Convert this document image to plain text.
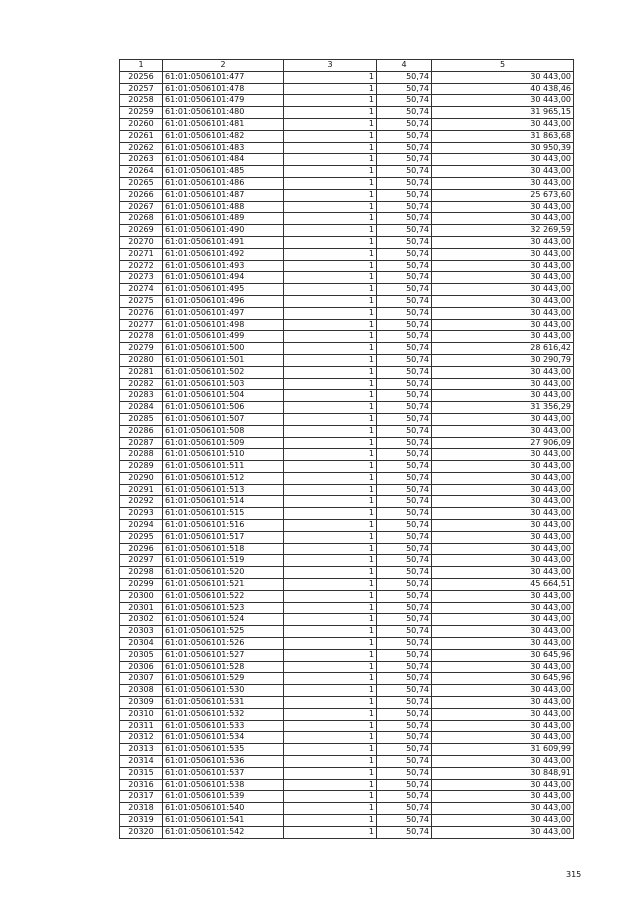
1	2	3	4	5
20256	61:01:0506101:477	1	50,74	30 443,00
20257	61:01:0506101:478	1	50,74	40 438,46
20258	61:01:0506101:479	1	50,74	30 443,00
20259	61:01:0506101:480	1	50,74	31 965,15
20260	61:01:0506101:481	1	50,74	30 443,00
20261	61:01:0506101:482	1	50,74	31 863,68
20262	61:01:0506101:483	1	50,74	30 950,39
20263	61:01:0506101:484	1	50,74	30 443,00
20264	61:01:0506101:485	1	50,74	30 443,00
20265	61:01:0506101:486	1	50,74	30 443,00
20266	61:01:0506101:487	1	50,74	25 673,60
20267	61:01:0506101:488	1	50,74	30 443,00
20268	61:01:0506101:489	1	50,74	30 443,00
20269	61:01:0506101:490	1	50,74	32 269,59
20270	61:01:0506101:491	1	50,74	30 443,00
20271	61:01:0506101:492	1	50,74	30 443,00
20272	61:01:0506101:493	1	50,74	30 443,00
20273	61:01:0506101:494	1	50,74	30 443,00
20274	61:01:0506101:495	1	50,74	30 443,00
20275	61:01:0506101:496	1	50,74	30 443,00
20276	61:01:0506101:497	1	50,74	30 443,00
20277	61:01:0506101:498	1	50,74	30 443,00
20278	61:01:0506101:499	1	50,74	30 443,00
20279	61:01:0506101:500	1	50,74	28 616,42
20280	61:01:0506101:501	1	50,74	30 290,79
20281	61:01:0506101:502	1	50,74	30 443,00
20282	61:01:0506101:503	1	50,74	30 443,00
20283	61:01:0506101:504	1	50,74	30 443,00
20284	61:01:0506101:506	1	50,74	31 356,29
20285	61:01:0506101:507	1	50,74	30 443,00
20286	61:01:0506101:508	1	50,74	30 443,00
20287	61:01:0506101:509	1	50,74	27 906,09
20288	61:01:0506101:510	1	50,74	30 443,00
20289	61:01:0506101:511	1	50,74	30 443,00
20290	61:01:0506101:512	1	50,74	30 443,00
20291	61:01:0506101:513	1	50,74	30 443,00
20292	61:01:0506101:514	1	50,74	30 443,00
20293	61:01:0506101:515	1	50,74	30 443,00
20294	61:01:0506101:516	1	50,74	30 443,00
20295	61:01:0506101:517	1	50,74	30 443,00
20296	61:01:0506101:518	1	50,74	30 443,00
20297	61:01:0506101:519	1	50,74	30 443,00
20298	61:01:0506101:520	1	50,74	30 443,00
20299	61:01:0506101:521	1	50,74	45 664,51
20300	61:01:0506101:522	1	50,74	30 443,00
20301	61:01:0506101:523	1	50,74	30 443,00
20302	61:01:0506101:524	1	50,74	30 443,00
20303	61:01:0506101:525	1	50,74	30 443,00
20304	61:01:0506101:526	1	50,74	30 443,00
20305	61:01:0506101:527	1	50,74	30 645,96
20306	61:01:0506101:528	1	50,74	30 443,00
20307	61:01:0506101:529	1	50,74	30 645,96
20308	61:01:0506101:530	1	50,74	30 443,00
20309	61:01:0506101:531	1	50,74	30 443,00
20310	61:01:0506101:532	1	50,74	30 443,00
20311	61:01:0506101:533	1	50,74	30 443,00
20312	61:01:0506101:534	1	50,74	30 443,00
20313	61:01:0506101:535	1	50,74	31 609,99
20314	61:01:0506101:536	1	50,74	30 443,00
20315	61:01:0506101:537	1	50,74	30 848,91
20316	61:01:0506101:538	1	50,74	30 443,00
20317	61:01:0506101:539	1	50,74	30 443,00
20318	61:01:0506101:540	1	50,74	30 443,00
20319	61:01:0506101:541	1	50,74	30 443,00
20320	61:01:0506101:542	1	50,74	30 443,00
315
